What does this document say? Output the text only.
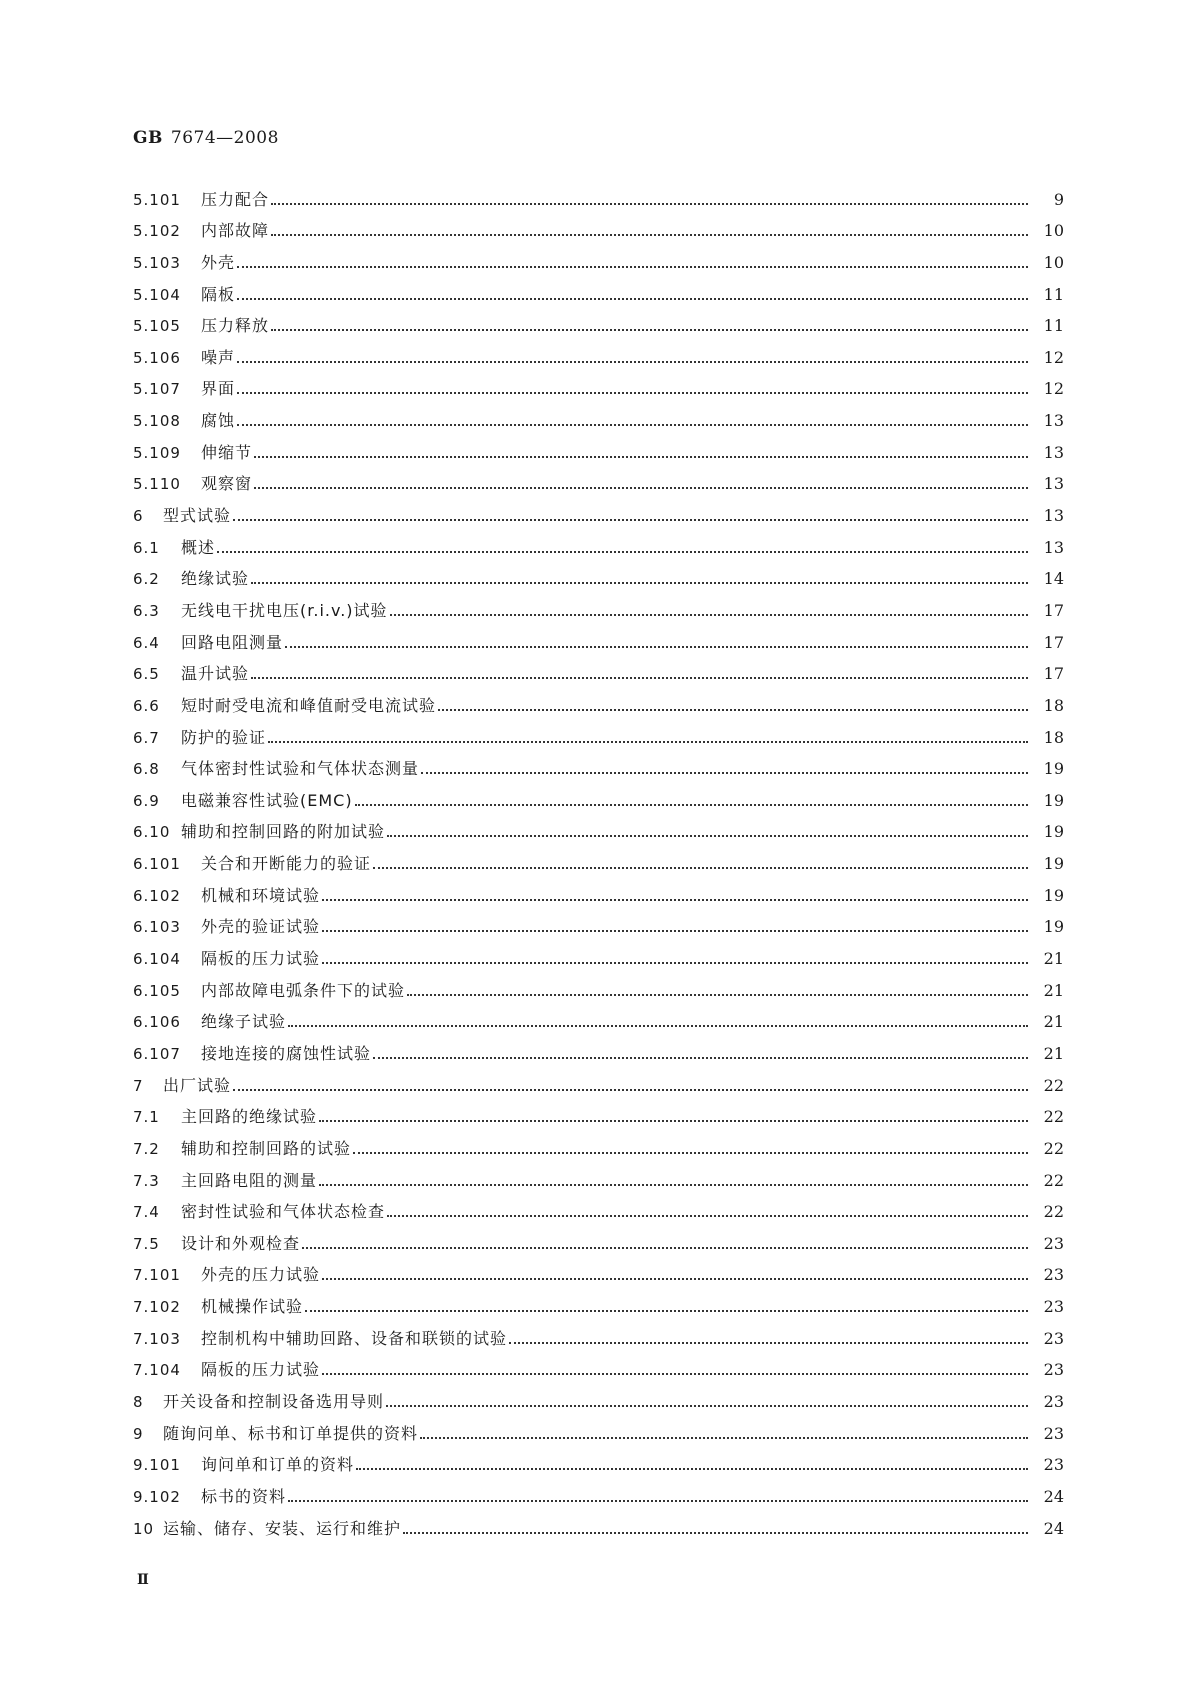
GB 7674—2008
5.101	压力配合	9
5.102	内部故障	10
5.103	外壳	10
5.104	隔板	11
5.105	压力释放	11
5.106	噪声	12
5.107	界面	12
5.108	腐蚀	13
5.109	伸缩节	13
5.110	观察窗	13
6	型式试验	13
6.1	概述	13
6.2	绝缘试验	14
6.3	无线电干扰电压(r.i.v.)试验	17
6.4	回路电阻测量	17
6.5	温升试验	17
6.6	短时耐受电流和峰值耐受电流试验	18
6.7	防护的验证	18
6.8	气体密封性试验和气体状态测量	19
6.9	电磁兼容性试验(EMC)	19
6.10 辅助和控制回路的附加试验	19
6.101	关合和开断能力的验证	19
6.102	机械和环境试验	19
6.103	外壳的验证试验	19
6.104	隔板的压力试验	21
6.105	内部故障电弧条件下的试验	21
6.106	绝缘子试验	21
6.107	接地连接的腐蚀性试验	21
7	出厂试验	22
7.1	主回路的绝缘试验	22
7.2	辅助和控制回路的试验	22
7.3	主回路电阻的测量	22
7.4	密封性试验和气体状态检查	22
7.5	设计和外观检查	23
7.101	外壳的压力试验	23
7.102	机械操作试验	23
7.103	控制机构中辅助回路、设备和联锁的试验	23
7.104	隔板的压力试验	23
8	开关设备和控制设备选用导则	23
9	随询问单、标书和订单提供的资料	23
9.101	询问单和订单的资料	23
9.102	标书的资料	24
10 运输、储存、安装、运行和维护	24
Ⅱ
